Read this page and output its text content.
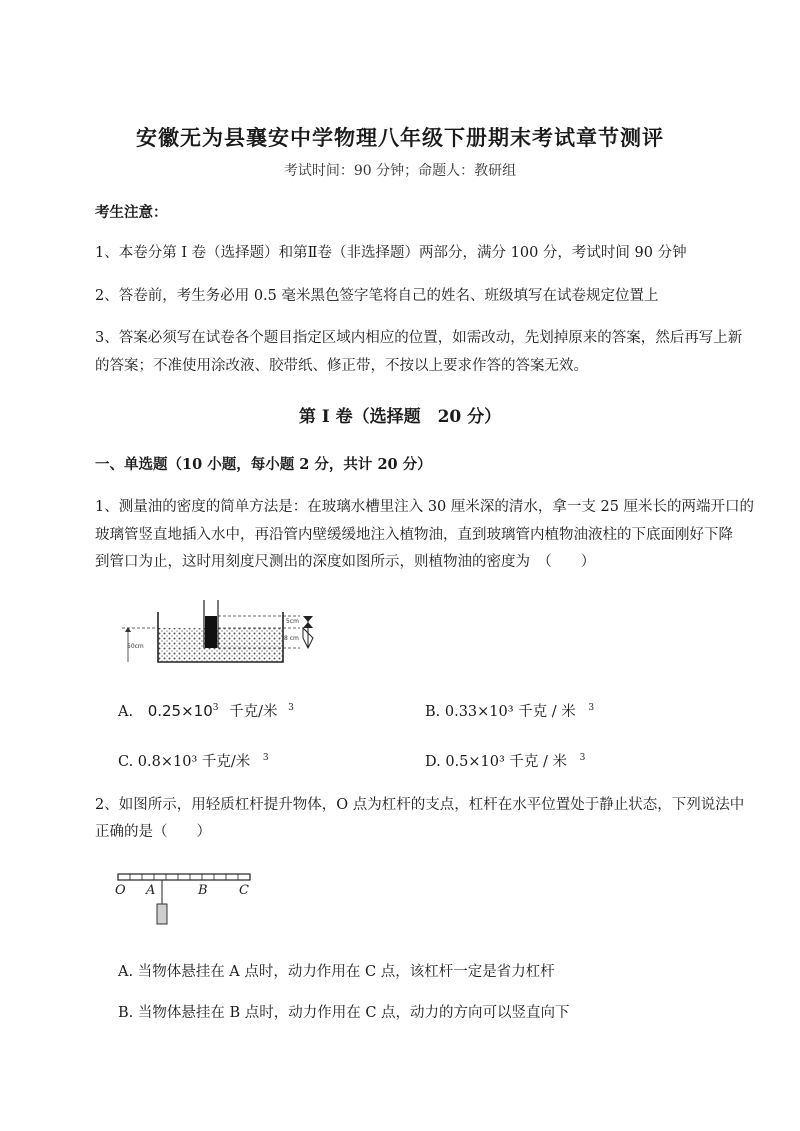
安徽无为县襄安中学物理八年级下册期末考试章节测评
考试时间：90 分钟；命题人：教研组
考生注意：
1、本卷分第 I 卷（选择题）和第Ⅱ卷（非选择题）两部分，满分 100 分，考试时间 90 分钟
2、答卷前，考生务必用 0.5 毫米黑色签字笔将自己的姓名、班级填写在试卷规定位置上
3、答案必须写在试卷各个题目指定区域内相应的位置，如需改动，先划掉原来的答案，然后再写上新
的答案；不准使用涂改液、胶带纸、修正带，不按以上要求作答的答案无效。
第 I 卷（选择题　20 分）
一、单选题（10 小题，每小题 2 分，共计 20 分）
1、测量油的密度的简单方法是：在玻璃水槽里注入 30 厘米深的清水，拿一支 25 厘米长的两端开口的
玻璃管竖直地插入水中，再沿管内壁缓缓地注入植物油，直到玻璃管内植物油液柱的下底面刚好下降
到管口为止，这时用刻度尺测出的深度如图所示，则植物油的密度为　（　　）
50cm
5cm
8 cm
A. $0.25\times 10^3$ 千克/米 $^3$	B. 0.33×10³ 千克 / 米 $^3$
C. 0.8×10³ 千克/米 $^3$	D. 0.5×10³ 千克 / 米 $^3$
2、如图所示，用轻质杠杆提升物体，O 点为杠杆的支点，杠杆在水平位置处于静止状态，下列说法中
正确的是（　　）
O A	B C
A. 当物体悬挂在 A 点时，动力作用在 C 点，该杠杆一定是省力杠杆
B. 当物体悬挂在 B 点时，动力作用在 C 点，动力的方向可以竖直向下
